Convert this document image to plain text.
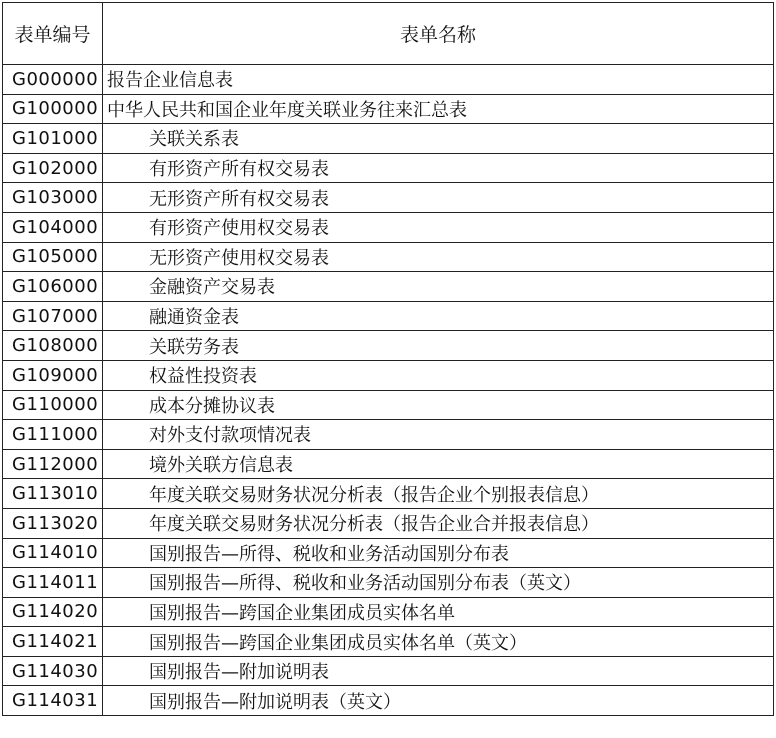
表单编号	表单名称
G000000	报告企业信息表
G100000	中华人民共和国企业年度关联业务往来汇总表
G101000	关联关系表
G102000	有形资产所有权交易表
G103000	无形资产所有权交易表
G104000	有形资产使用权交易表
G105000	无形资产使用权交易表
G106000	金融资产交易表
G107000	融通资金表
G108000	关联劳务表
G109000	权益性投资表
G110000	成本分摊协议表
G111000	对外支付款项情况表
G112000	境外关联方信息表
G113010	年度关联交易财务状况分析表（报告企业个别报表信息）
G113020	年度关联交易财务状况分析表（报告企业合并报表信息）
G114010	国别报告—所得、税收和业务活动国别分布表
G114011	国别报告—所得、税收和业务活动国别分布表（英文）
G114020	国别报告—跨国企业集团成员实体名单
G114021	国别报告—跨国企业集团成员实体名单（英文）
G114030	国别报告—附加说明表
G114031	国别报告—附加说明表（英文）
